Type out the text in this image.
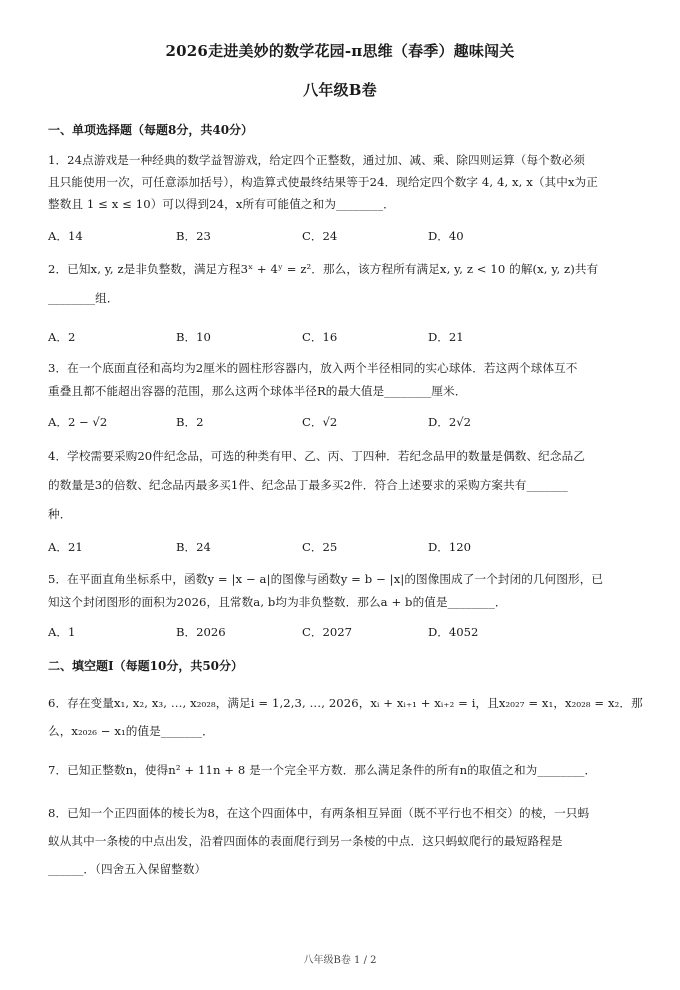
2026走进美妙的数学花园-π思维（春季）趣味闯关
八年级B卷
一、单项选择题（每题8分，共40分）
1．24点游戏是一种经典的数学益智游戏，给定四个正整数，通过加、减、乘、除四则运算（每个数必须
且只能使用一次，可任意添加括号），构造算式使最终结果等于24．现给定四个数字 4, 4, x, x（其中x为正
整数且 1 ≤ x ≤ 10）可以得到24，x所有可能值之和为________．
A．14	B．23	C．24	D．40
2．已知x, y, z是非负整数，满足方程3ˣ + 4ʸ = z²．那么，该方程所有满足x, y, z < 10 的解(x, y, z)共有
________组．
A．2	B．10	C．16	D．21
3．在一个底面直径和高均为2厘米的圆柱形容器内，放入两个半径相同的实心球体．若这两个球体互不
重叠且都不能超出容器的范围，那么这两个球体半径R的最大值是________厘米．
A．2 − √2	B．2	C．√2	D．2√2
4．学校需要采购20件纪念品，可选的种类有甲、乙、丙、丁四种．若纪念品甲的数量是偶数、纪念品乙
的数量是3的倍数、纪念品丙最多买1件、纪念品丁最多买2件．符合上述要求的采购方案共有_______
种．
A．21	B．24	C．25	D．120
5．在平面直角坐标系中，函数y = |x − a|的图像与函数y = b − |x|的图像围成了一个封闭的几何图形，已
知这个封闭图形的面积为2026，且常数a, b均为非负整数．那么a + b的值是________．
A．1	B．2026	C．2027	D．4052
二、填空题Ⅰ（每题10分，共50分）
6．存在变量x₁, x₂, x₃, …, x₂₀₂₈，满足i = 1,2,3, …, 2026，xᵢ + xᵢ₊₁ + xᵢ₊₂ = i，且x₂₀₂₇ = x₁，x₂₀₂₈ = x₂．那
么，x₂₀₂₆ − x₁的值是_______．
7．已知正整数n，使得n² + 11n + 8 是一个完全平方数．那么满足条件的所有n的取值之和为________．
8．已知一个正四面体的棱长为8，在这个四面体中，有两条相互异面（既不平行也不相交）的棱，一只蚂
蚁从其中一条棱的中点出发，沿着四面体的表面爬行到另一条棱的中点．这只蚂蚁爬行的最短路程是
______．（四舍五入保留整数）
八年级B卷 1 / 2
